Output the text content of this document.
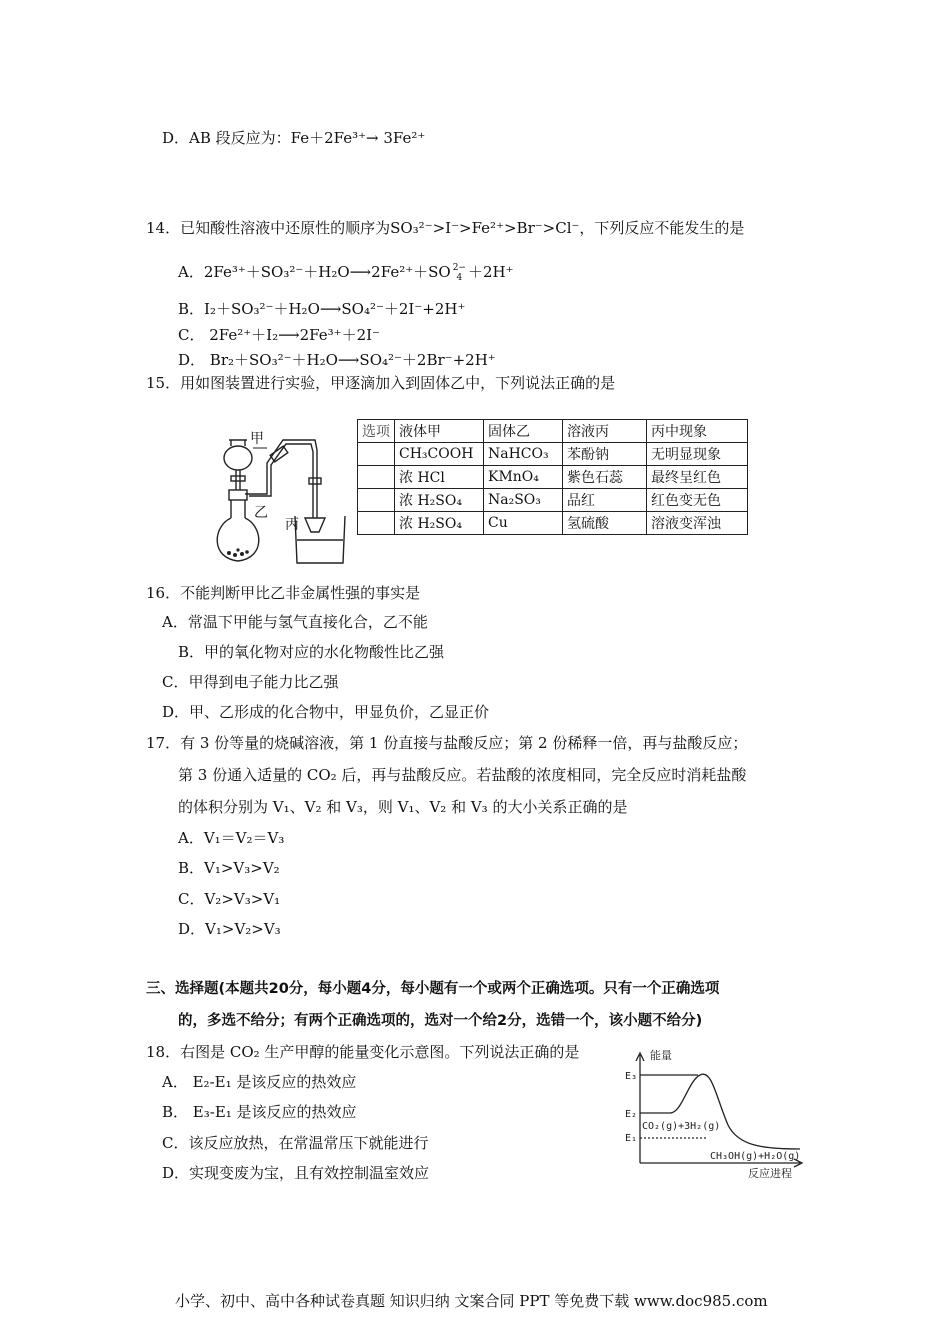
D．AB 段反应为：Fe＋2Fe³⁺→ 3Fe²⁺
14．已知酸性溶液中还原性的顺序为SO₃²⁻>I⁻>Fe²⁺>Br⁻>Cl⁻，下列反应不能发生的是
A．2Fe³⁺＋SO₃²⁻＋H₂O⟶2Fe²⁺＋SO 2−
4 ＋2H⁺
B．I₂＋SO₃²⁻＋H₂O⟶SO₄²⁻＋2I⁻+2H⁺
C． 2Fe²⁺＋I₂⟶2Fe³⁺＋2I⁻
D． Br₂＋SO₃²⁻＋H₂O⟶SO₄²⁻＋2Br⁻+2H⁺
15．用如图装置进行实验，甲逐滴加入到固体乙中，下列说法正确的是
甲
乙
丙
选项	液体甲	固体乙	溶液丙	丙中现象
A	CH₃COOH	NaHCO₃	苯酚钠	无明显现象
B	浓 HCl	KMnO₄	紫色石蕊	最终呈红色
C	浓 H₂SO₄	Na₂SO₃	品红	红色变无色
D	浓 H₂SO₄	Cu	氢硫酸	溶液变浑浊
16．不能判断甲比乙非金属性强的事实是
A．常温下甲能与氢气直接化合，乙不能
B．甲的氧化物对应的水化物酸性比乙强
C．甲得到电子能力比乙强
D．甲、乙形成的化合物中，甲显负价，乙显正价
17．有 3 份等量的烧碱溶液，第 1 份直接与盐酸反应；第 2 份稀释一倍，再与盐酸反应；
第 3 份通入适量的 CO₂ 后，再与盐酸反应。若盐酸的浓度相同，完全反应时消耗盐酸
的体积分别为 V₁、V₂ 和 V₃，则 V₁、V₂ 和 V₃ 的大小关系正确的是
A．V₁＝V₂＝V₃
B．V₁>V₃>V₂
C．V₂>V₃>V₁
D．V₁>V₂>V₃
三、选择题(本题共20分，每小题4分，每小题有一个或两个正确选项。只有一个正确选项
的，多选不给分；有两个正确选项的，选对一个给2分，选错一个，该小题不给分)
18．右图是 CO₂ 生产甲醇的能量变化示意图。下列说法正确的是
A． E₂-E₁ 是该反应的热效应
B． E₃-E₁ 是该反应的热效应
C．该反应放热，在常温常压下就能进行
D．实现变废为宝，且有效控制温室效应
能量
E₃
E₂
E₁
CO₂(g)+3H₂(g)
CH₃OH(g)+H₂O(g)
反应进程
小学、初中、高中各种试卷真题 知识归纳 文案合同 PPT 等免费下载 www.doc985.com
